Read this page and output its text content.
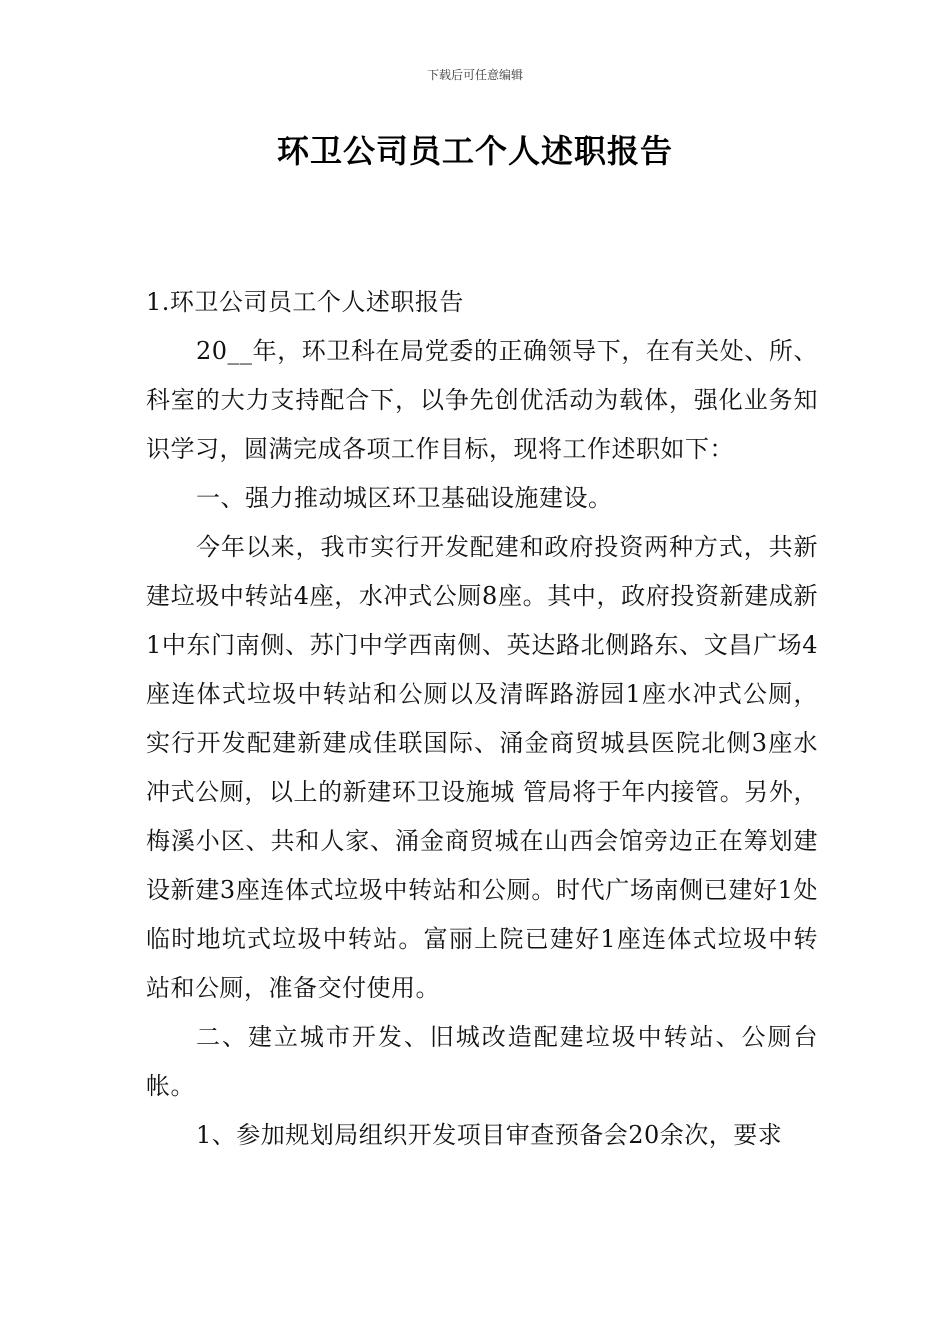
下载后可任意编辑
环卫公司员工个人述职报告

1.环卫公司员工个人述职报告

20__年，环卫科在局党委的正确领导下，在有关处、所、科室的大力支持配合下，以争先创优活动为载体，强化业务知识学习，圆满完成各项工作目标，现将工作述职如下：

一、强力推动城区环卫基础设施建设。

今年以来，我市实行开发配建和政府投资两种方式，共新建垃圾中转站4座，水冲式公厕8座。其中，政府投资新建成新1中东门南侧、苏门中学西南侧、英达路北侧路东、文昌广场4座连体式垃圾中转站和公厕以及清晖路游园1座水冲式公厕，实行开发配建新建成佳联国际、涌金商贸城县医院北侧3座水冲式公厕，以上的新建环卫设施城 管局将于年内接管。另外，梅溪小区、共和人家、涌金商贸城在山西会馆旁边正在筹划建设新建3座连体式垃圾中转站和公厕。时代广场南侧已建好1处临时地坑式垃圾中转站。富丽上院已建好1座连体式垃圾中转站和公厕，准备交付使用。

二、建立城市开发、旧城改造配建垃圾中转站、公厕台帐。

1、参加规划局组织开发项目审查预备会20余次，要求
